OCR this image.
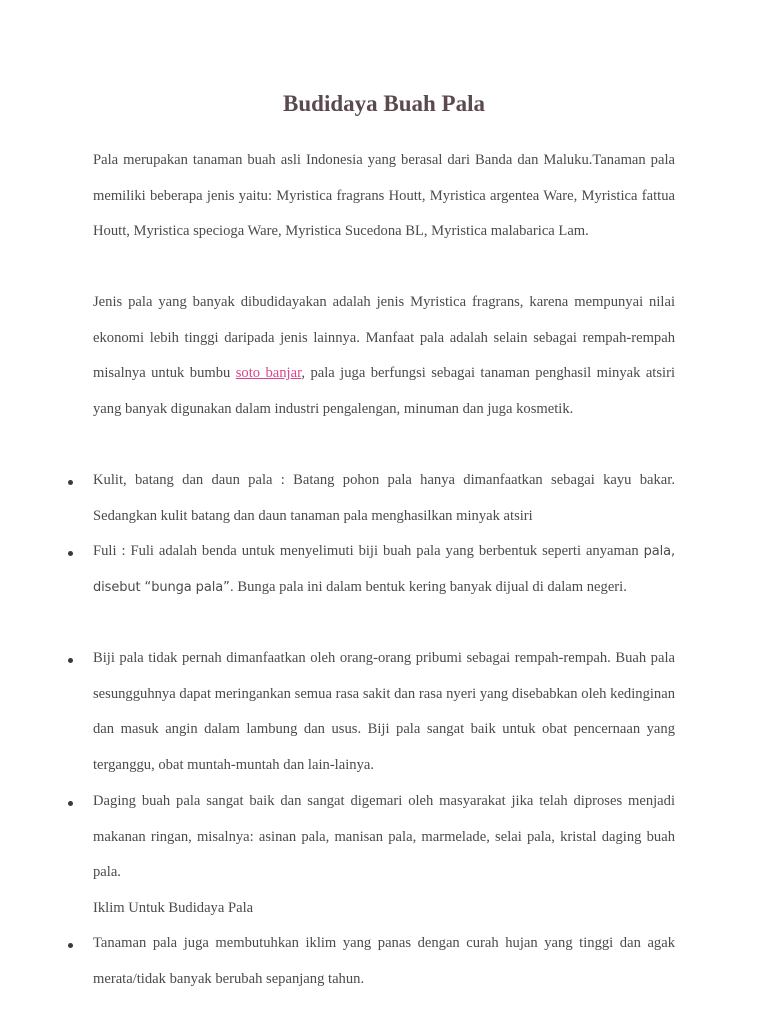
Budidaya Buah Pala

Pala merupakan tanaman buah asli Indonesia yang berasal dari Banda dan Maluku.Tanaman pala memiliki beberapa jenis yaitu: Myristica fragrans Houtt, Myristica argentea Ware, Myristica fattua Houtt, Myristica specioga Ware, Myristica Sucedona BL, Myristica malabarica Lam.

Jenis pala yang banyak dibudidayakan adalah jenis Myristica fragrans, karena mempunyai nilai ekonomi lebih tinggi daripada jenis lainnya. Manfaat pala adalah selain sebagai rempah-rempah misalnya untuk bumbu soto banjar, pala juga berfungsi sebagai tanaman penghasil minyak atsiri yang banyak digunakan dalam industri pengalengan, minuman dan juga kosmetik.

Kulit, batang dan daun pala : Batang pohon pala hanya dimanfaatkan sebagai kayu bakar. Sedangkan kulit batang dan daun tanaman pala menghasilkan minyak atsiri

Fuli : Fuli adalah benda untuk menyelimuti biji buah pala yang berbentuk seperti anyaman pala, disebut “bunga pala”. Bunga pala ini dalam bentuk kering banyak dijual di dalam negeri.

Biji pala tidak pernah dimanfaatkan oleh orang-orang pribumi sebagai rempah-rempah. Buah pala sesungguhnya dapat meringankan semua rasa sakit dan rasa nyeri yang disebabkan oleh kedinginan dan masuk angin dalam lambung dan usus. Biji pala sangat baik untuk obat pencernaan yang terganggu, obat muntah-muntah dan lain-lainya.

Daging buah pala sangat baik dan sangat digemari oleh masyarakat jika telah diproses menjadi makanan ringan, misalnya: asinan pala, manisan pala, marmelade, selai pala, kristal daging buah pala.

Iklim Untuk Budidaya Pala

Tanaman pala juga membutuhkan iklim yang panas dengan curah hujan yang tinggi dan agak merata/tidak banyak berubah sepanjang tahun.
